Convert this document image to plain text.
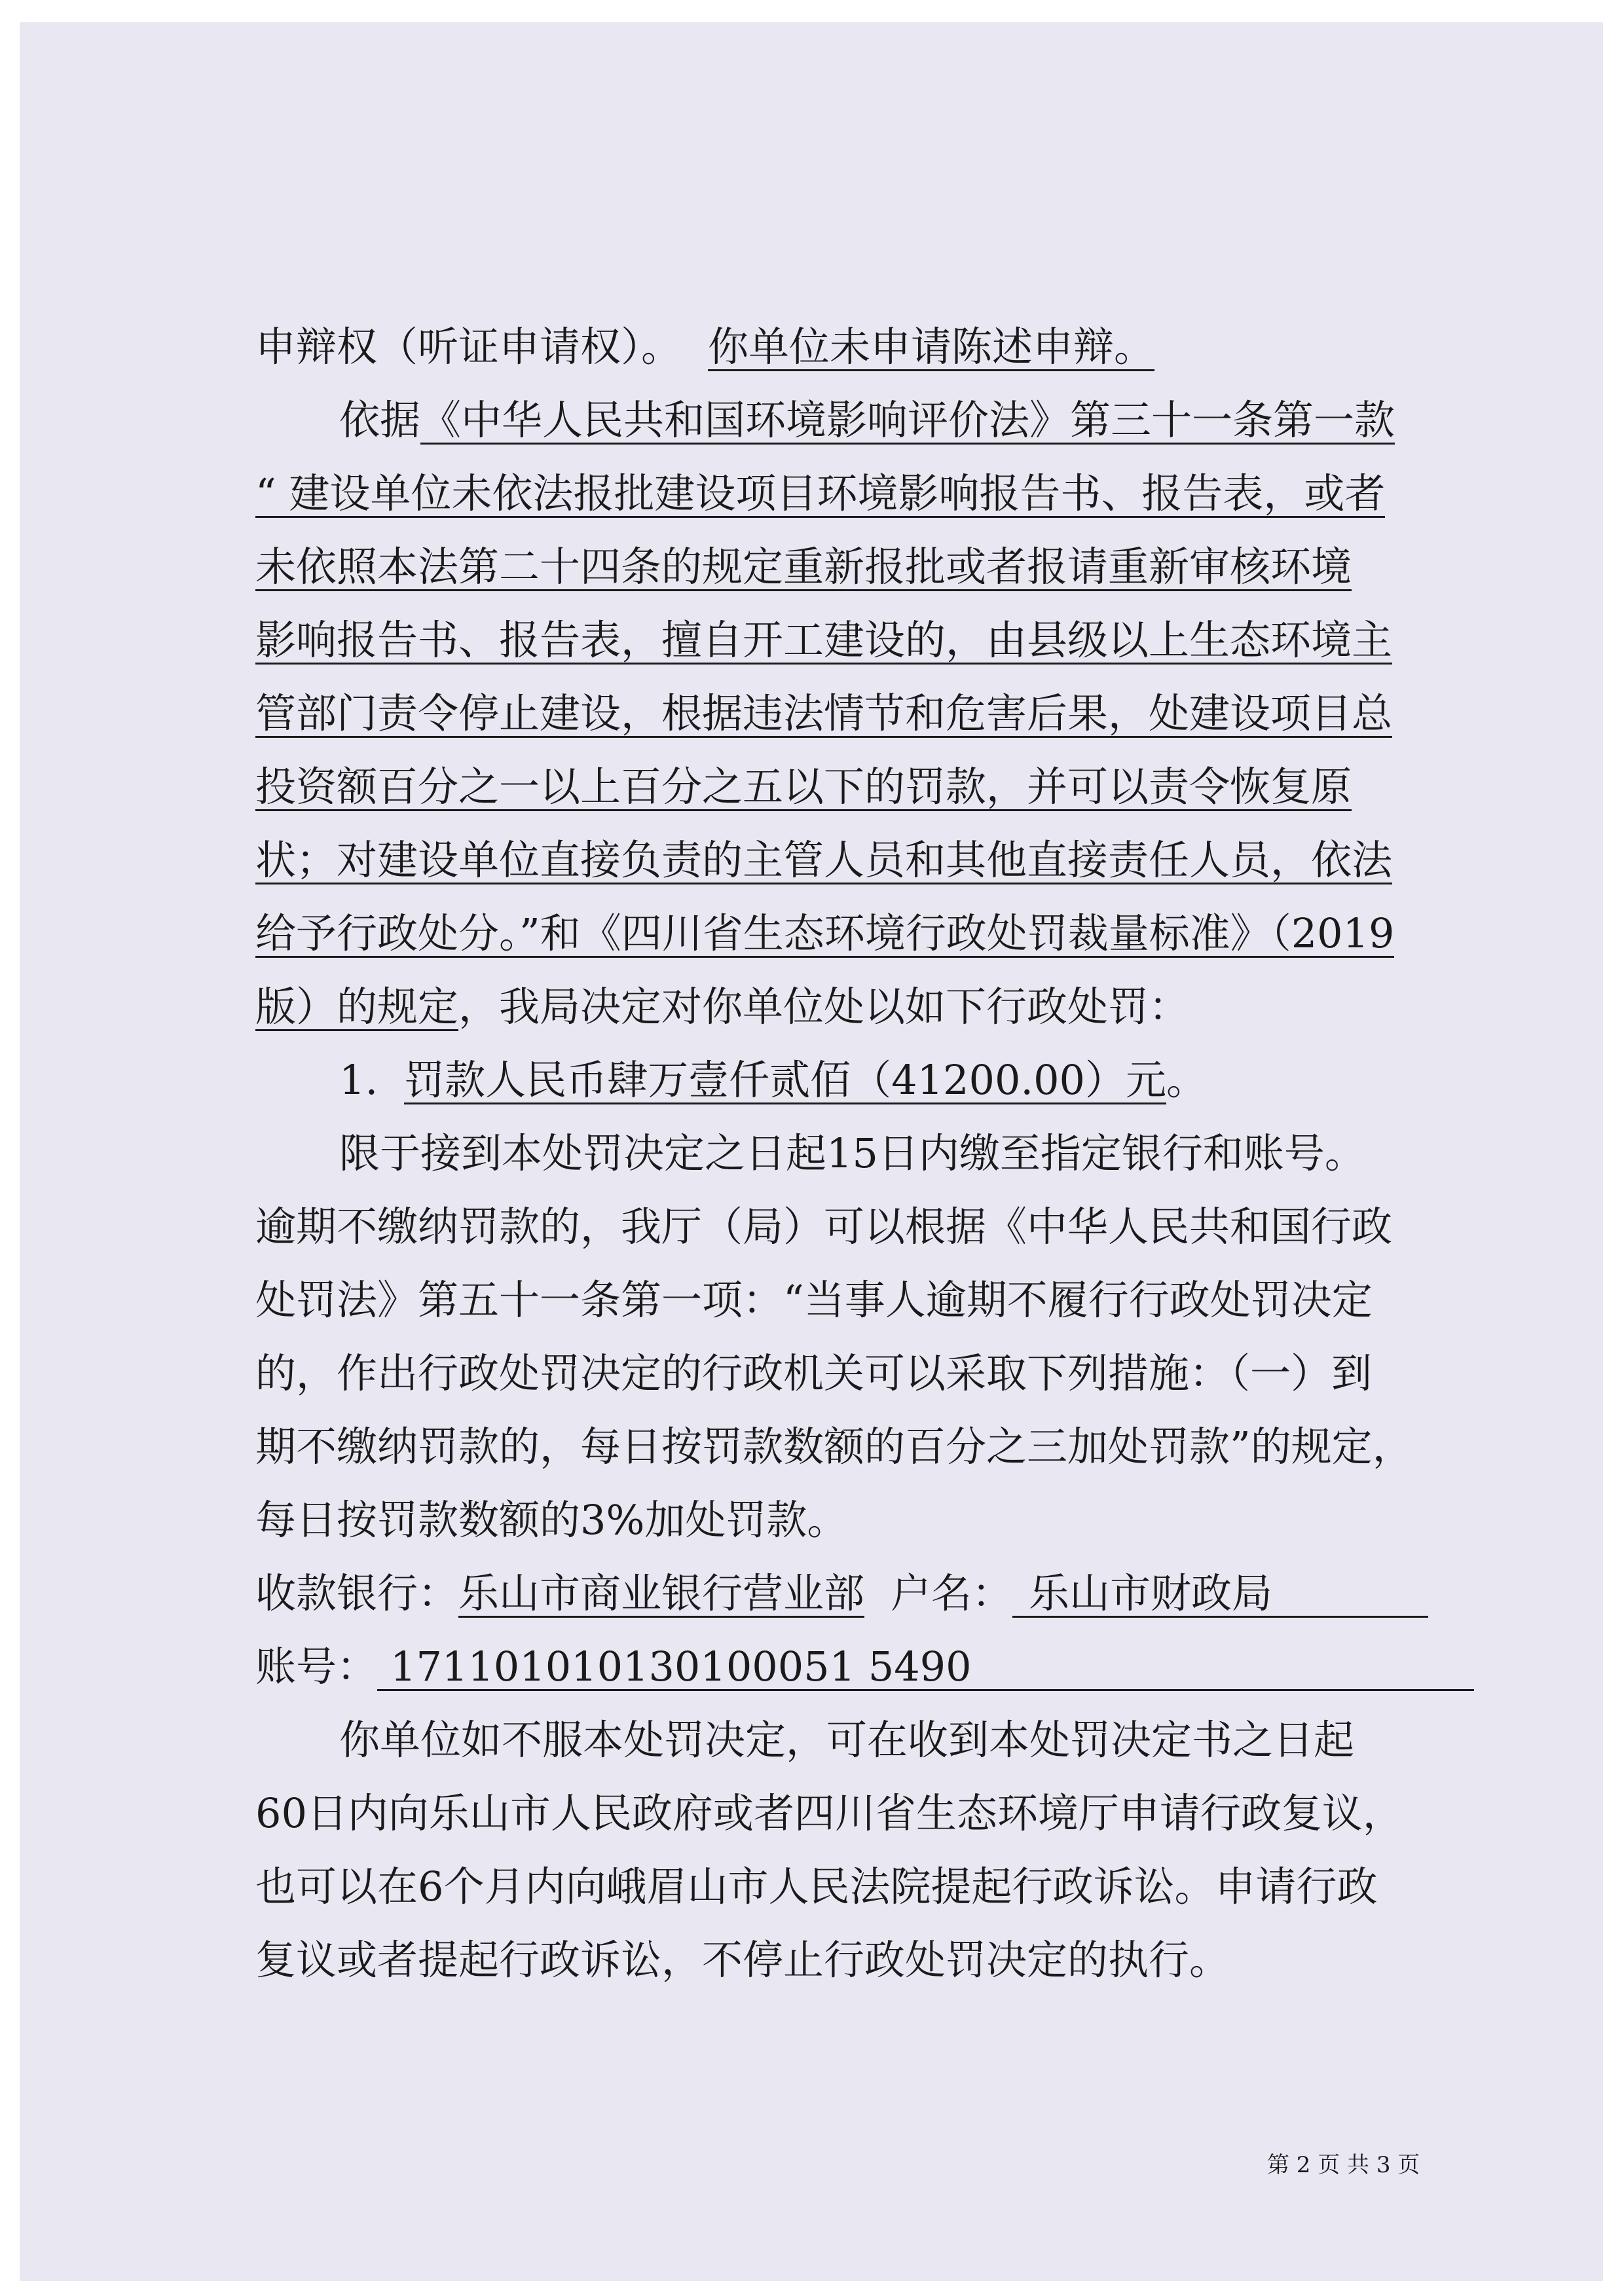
申辩权（听证申请权）。 你单位未申请陈述申辩。
依据《中华人民共和国环境影响评价法》第三十一条第一款
“ 建设单位未依法报批建设项目环境影响报告书、报告表，或者
未依照本法第二十四条的规定重新报批或者报请重新审核环境
影响报告书、报告表，擅自开工建设的，由县级以上生态环境主
管部门责令停止建设，根据违法情节和危害后果，处建设项目总
投资额百分之一以上百分之五以下的罚款，并可以责令恢复原
状；对建设单位直接负责的主管人员和其他直接责任人员，依法
给予行政处分。”和《四川省生态环境行政处罚裁量标准》（2019
版）的规定，我局决定对你单位处以如下行政处罚：
1. 罚款人民币肆万壹仟贰佰（41200.00）元。
限于接到本处罚决定之日起15日内缴至指定银行和账号。
逾期不缴纳罚款的，我厅（局）可以根据《中华人民共和国行政
处罚法》第五十一条第一项：“当事人逾期不履行行政处罚决定
的，作出行政处罚决定的行政机关可以采取下列措施：（一）到
期不缴纳罚款的，每日按罚款数额的百分之三加处罚款”的规定，
每日按罚款数额的3%加处罚款。
收款银行：乐山市商业银行营业部 户名： 乐山市财政局
账号： 171101010130100051 5490
你单位如不服本处罚决定，可在收到本处罚决定书之日起
60日内向乐山市人民政府或者四川省生态环境厅申请行政复议，
也可以在6个月内向峨眉山市人民法院提起行政诉讼。申请行政
复议或者提起行政诉讼，不停止行政处罚决定的执行。
第 2 页 共 3 页
